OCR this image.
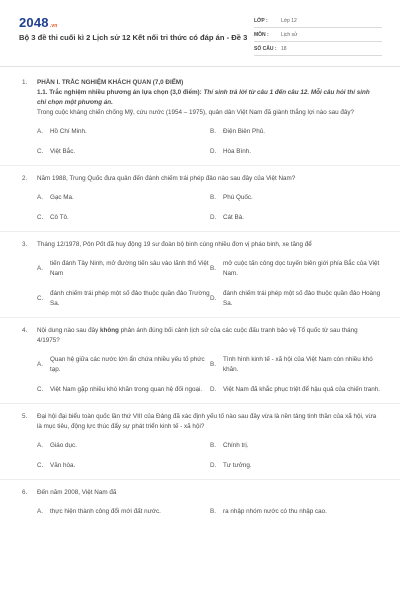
2048.vn
Bộ 3 đề thi cuối kì 2 Lịch sử 12 Kết nối tri thức có đáp án - Đề 3
LỚP :	Lớp 12
MÔN :	Lịch sử
SỐ CÂU : 18
1. PHẦN I. TRẮC NGHIỆM KHÁCH QUAN (7,0 ĐIỂM)
1.1. Trắc nghiệm nhiều phương án lựa chọn (3,0 điểm): Thí sinh trả lời từ câu 1 đến câu 12. Mỗi câu hỏi thí sinh chỉ chọn một phương án.
Trong cuộc kháng chiến chống Mỹ, cứu nước (1954 – 1975), quân dân Việt Nam đã giành thắng lợi nào sau đây?
A.	Hồ Chí Minh.	B.	Điện Biên Phủ.
C.	Việt Bắc.	D.	Hòa Bình.
2. Năm 1988, Trung Quốc đưa quân đến đánh chiếm trái phép đảo nào sau đây của Việt Nam?
A.	Gạc Ma.	B.	Phú Quốc.
C.	Cô Tô.	D.	Cát Bà.
3. Tháng 12/1978, Pôn Pốt đã huy động 19 sư đoàn bộ binh cùng nhiều đơn vị pháo binh, xe tăng để
A.
tiến đánh Tây Ninh, mở đường tiến sâu vào lãnh thổ Việt Nam
B.
mở cuộc tấn công dọc tuyến biên giới phía Bắc của Việt Nam.
C.
đánh chiếm trái phép một số đảo thuộc quần đảo Trường Sa.
D.
đánh chiếm trái phép một số đảo thuộc quần đảo Hoàng Sa.
4. Nội dung nào sau đây không phản ánh đúng bối cảnh lịch sử của các cuộc đấu tranh bảo vệ Tổ quốc từ sau tháng 4/1975?
A.
Quan hệ giữa các nước lớn ẩn chứa nhiều yếu tố phức tạp.
B.
Tình hình kinh tế - xã hội của Việt Nam còn nhiều khó khăn.
C.	Việt Nam gặp nhiều khó khăn trong quan hệ đối ngoại. D.	Việt Nam đã khắc phục triệt để hậu quả của chiến tranh.
5. Đại hội đại biểu toàn quốc lần thứ VIII của Đảng đã xác định yếu tố nào sau đây vừa là nền tảng tinh thần của xã hội, vừa là mục tiêu, động lực thúc đẩy sự phát triển kinh tế - xã hội?
A.	Giáo dục.	B.	Chính trị.
C.	Văn hóa.	D.	Tư tưởng.
6. Đến năm 2008, Việt Nam đã
A.	thực hiện thành công đổi mới đất nước.	B.	ra nhập nhóm nước có thu nhập cao.
